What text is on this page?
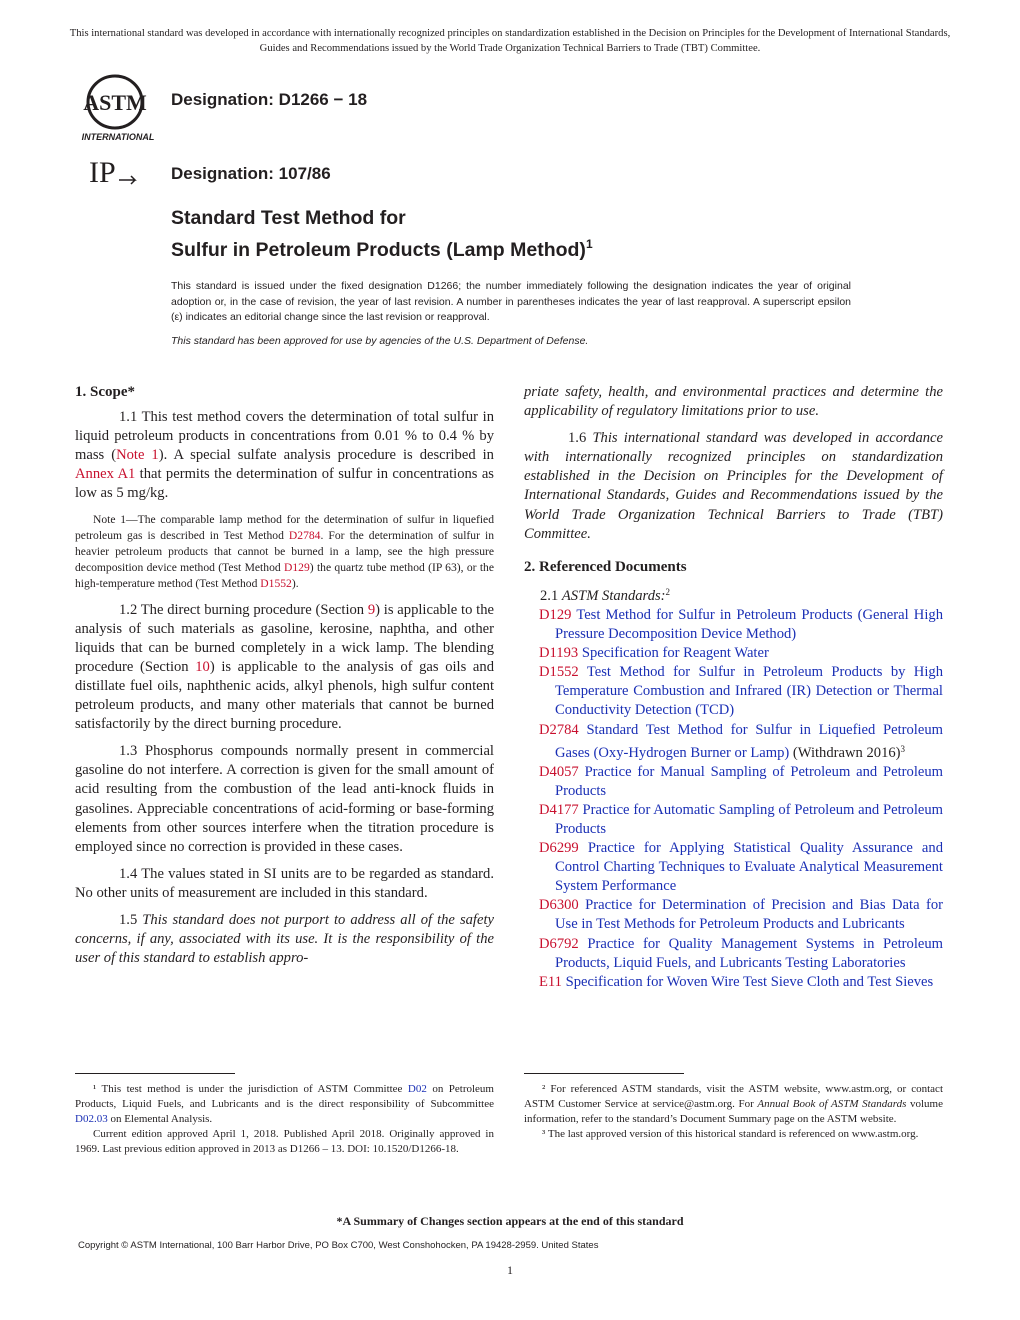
This international standard was developed in accordance with internationally recognized principles on standardization established in the Decision on Principles for the Development of International Standards, Guides and Recommendations issued by the World Trade Organization Technical Barriers to Trade (TBT) Committee.
ASTM
INTERNATIONAL
Designation: D1266 − 18
IP	Designation: 107/86
Standard Test Method for
Sulfur in Petroleum Products (Lamp Method)$^1$
This standard is issued under the fixed designation D1266; the number immediately following the designation indicates the year of original adoption or, in the case of revision, the year of last revision. A number in parentheses indicates the year of last reapproval. A superscript epsilon (ε) indicates an editorial change since the last revision or reapproval.
This standard has been approved for use by agencies of the U.S. Department of Defense.
1. Scope*

1.1 This test method covers the determination of total sulfur in liquid petroleum products in concentrations from 0.01 % to 0.4 % by mass (Note 1). A special sulfate analysis procedure is described in Annex A1 that permits the determination of sulfur in concentrations as low as 5 mg/kg.

Note 1—The comparable lamp method for the determination of sulfur in liquefied petroleum gas is described in Test Method D2784. For the determination of sulfur in heavier petroleum products that cannot be burned in a lamp, see the high pressure decomposition device method (Test Method D129) the quartz tube method (IP 63), or the high-temperature method (Test Method D1552).

1.2 The direct burning procedure (Section 9) is applicable to the analysis of such materials as gasoline, kerosine, naphtha, and other liquids that can be burned completely in a wick lamp. The blending procedure (Section 10) is applicable to the analysis of gas oils and distillate fuel oils, naphthenic acids, alkyl phenols, high sulfur content petroleum products, and many other materials that cannot be burned satisfactorily by the direct burning procedure.

1.3 Phosphorus compounds normally present in commercial gasoline do not interfere. A correction is given for the small amount of acid resulting from the combustion of the lead anti-knock fluids in gasolines. Appreciable concentrations of acid-forming or base-forming elements from other sources interfere when the titration procedure is employed since no correction is provided in these cases.

1.4 The values stated in SI units are to be regarded as standard. No other units of measurement are included in this standard.

1.5 This standard does not purport to address all of the safety concerns, if any, associated with its use. It is the responsibility of the user of this standard to establish appro-

priate safety, health, and environmental practices and determine the applicability of regulatory limitations prior to use.

1.6 This international standard was developed in accordance with internationally recognized principles on standardization established in the Decision on Principles for the Development of International Standards, Guides and Recommendations issued by the World Trade Organization Technical Barriers to Trade (TBT) Committee.

2. Referenced Documents
2.1 ASTM Standards:$^2$
D129 Test Method for Sulfur in Petroleum Products (General High Pressure Decomposition Device Method)
D1193 Specification for Reagent Water
D1552 Test Method for Sulfur in Petroleum Products by High Temperature Combustion and Infrared (IR) Detection or Thermal Conductivity Detection (TCD)
D2784 Standard Test Method for Sulfur in Liquefied Petroleum Gases (Oxy-Hydrogen Burner or Lamp) (Withdrawn 2016)$^3$
D4057 Practice for Manual Sampling of Petroleum and Petroleum Products
D4177 Practice for Automatic Sampling of Petroleum and Petroleum Products
D6299 Practice for Applying Statistical Quality Assurance and Control Charting Techniques to Evaluate Analytical Measurement System Performance
D6300 Practice for Determination of Precision and Bias Data for Use in Test Methods for Petroleum Products and Lubricants
D6792 Practice for Quality Management Systems in Petroleum Products, Liquid Fuels, and Lubricants Testing Laboratories
E11 Specification for Woven Wire Test Sieve Cloth and Test Sieves

¹ This test method is under the jurisdiction of ASTM Committee D02 on Petroleum Products, Liquid Fuels, and Lubricants and is the direct responsibility of Subcommittee D02.03 on Elemental Analysis.

Current edition approved April 1, 2018. Published April 2018. Originally approved in 1969. Last previous edition approved in 2013 as D1266 – 13. DOI: 10.1520/D1266-18.

² For referenced ASTM standards, visit the ASTM website, www.astm.org, or contact ASTM Customer Service at service@astm.org. For Annual Book of ASTM Standards volume information, refer to the standard’s Document Summary page on the ASTM website.

³ The last approved version of this historical standard is referenced on www.astm.org.

*A Summary of Changes section appears at the end of this standard
Copyright © ASTM International, 100 Barr Harbor Drive, PO Box C700, West Conshohocken, PA 19428-2959. United States
1
